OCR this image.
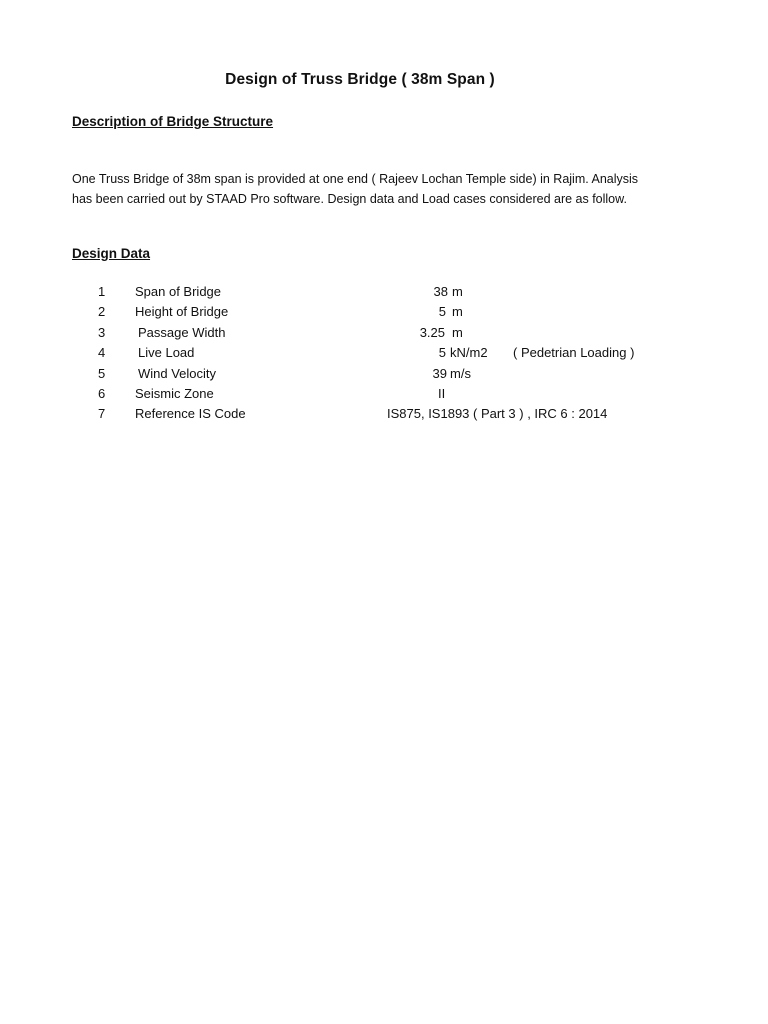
Design of Truss Bridge ( 38m Span )
Description of Bridge Structure
One Truss Bridge of 38m span is provided at one end ( Rajeev Lochan Temple side) in Rajim. Analysis
has been carried out by STAAD Pro software. Design data and Load cases considered are as follow.
Design Data
1 Span of Bridge	38 m
2 Height of Bridge	5 m
3	Passage Width	3.25 m
4	Live Load	5 kN/m2 ( Pedetrian Loading )
5	Wind Velocity	39 m/s
6 Seismic Zone	II
7 Reference IS Code	IS875, IS1893 ( Part 3 ) , IRC 6 : 2014
